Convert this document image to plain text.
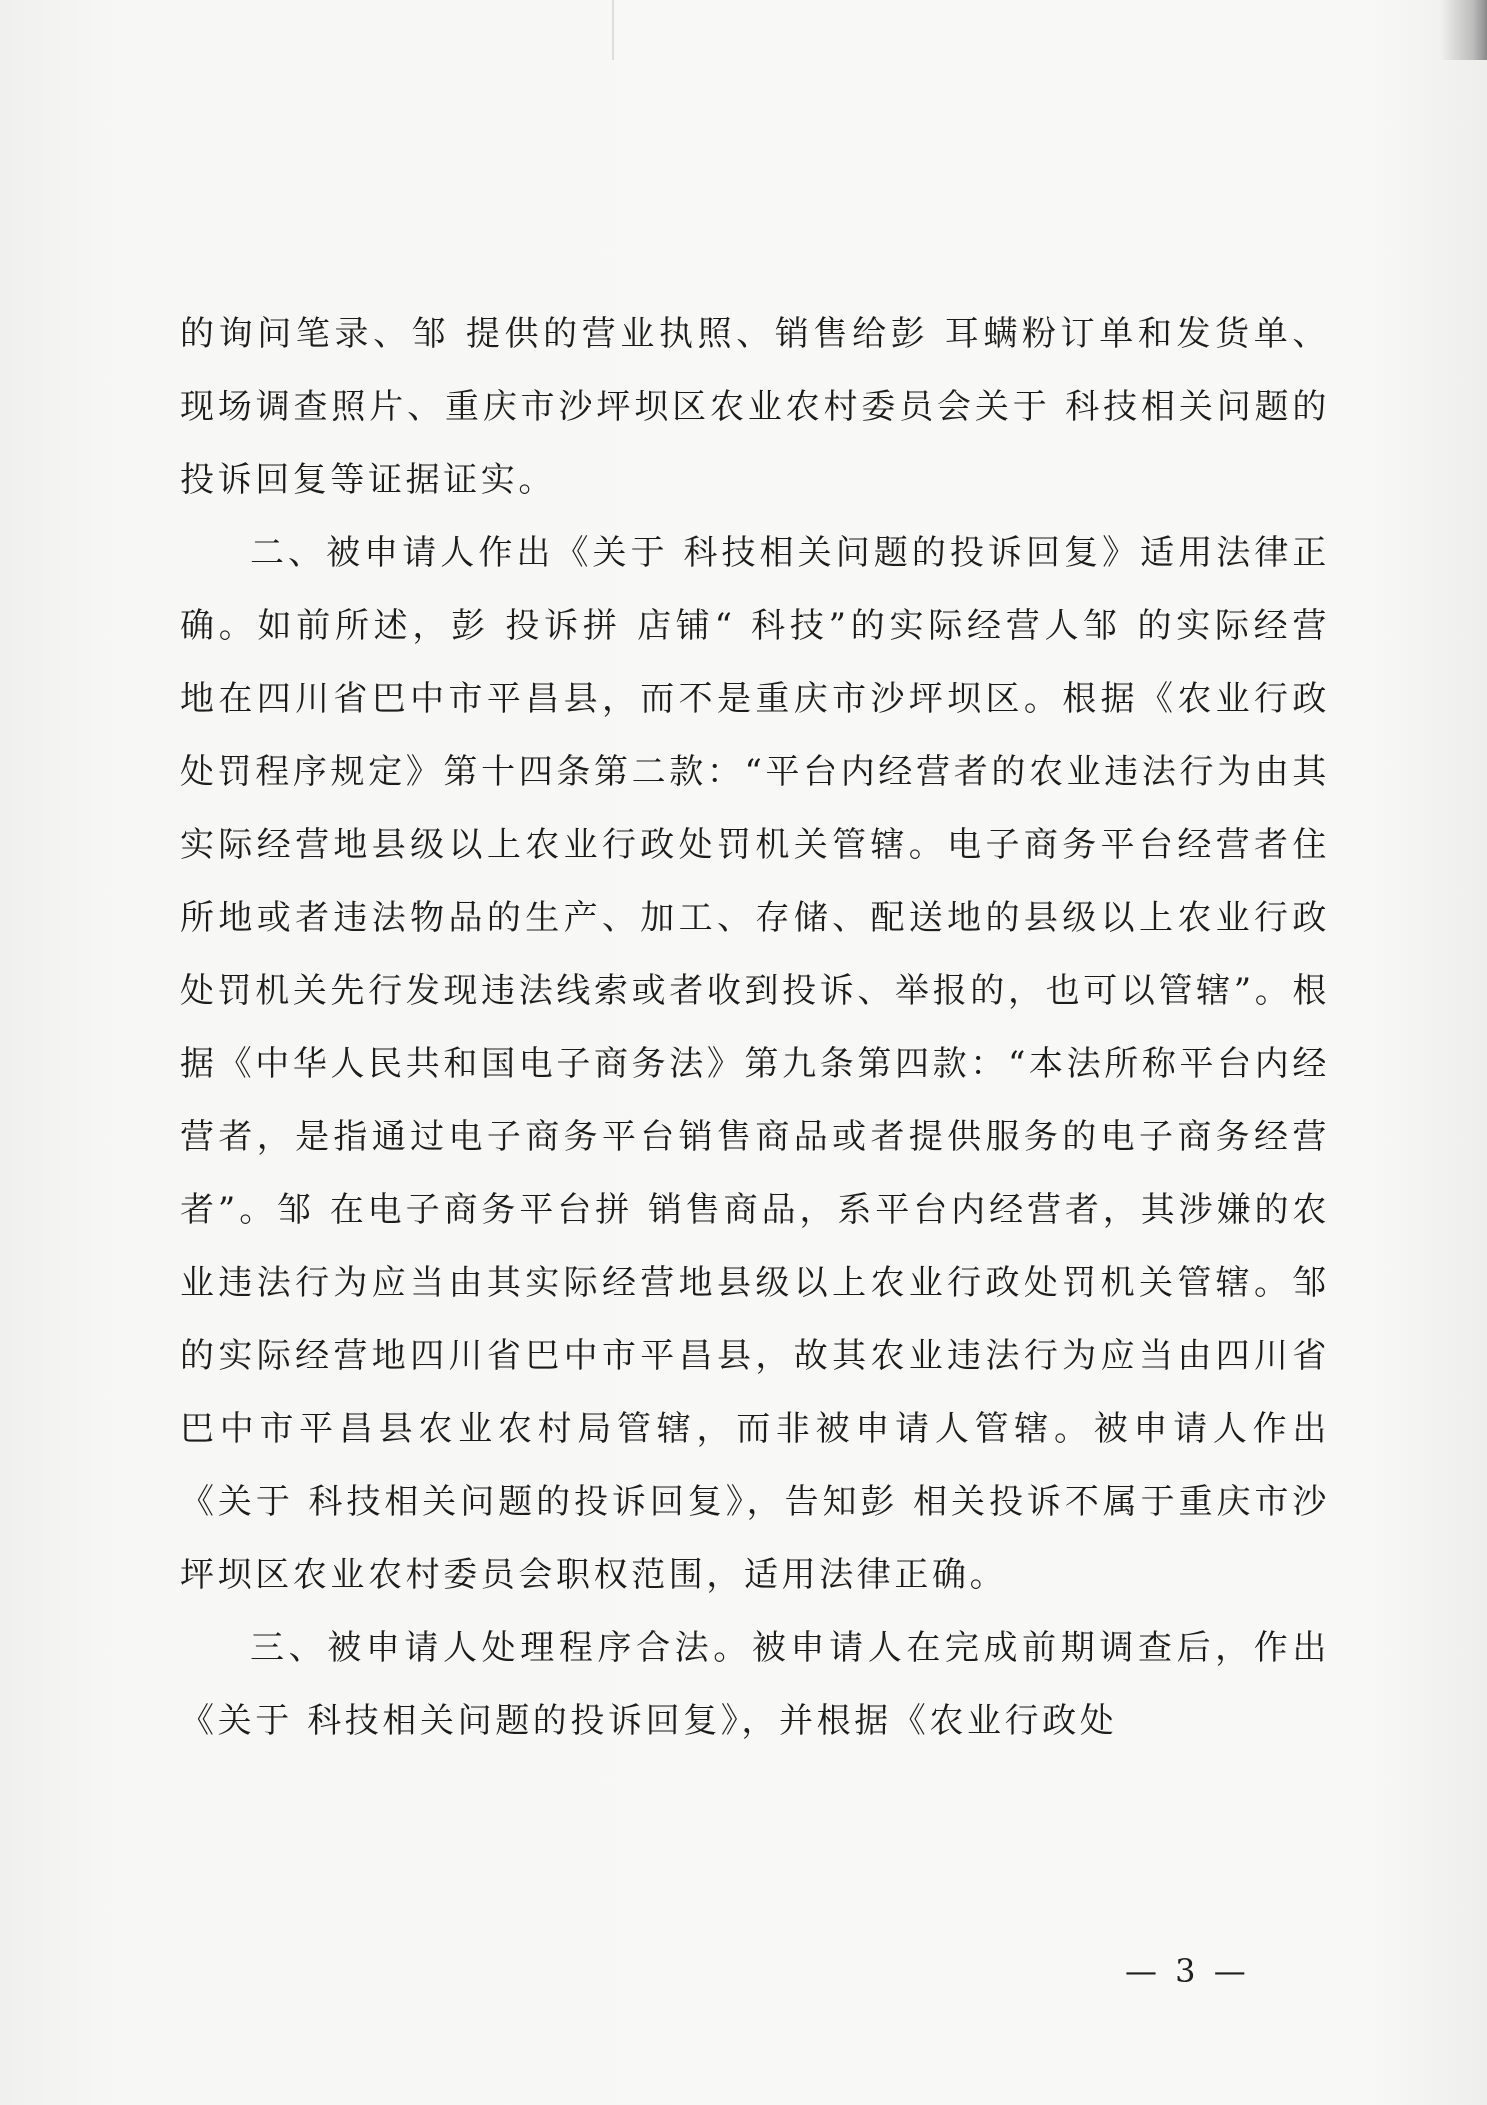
的询问笔录、邹 提供的营业执照、销售给彭 耳螨粉订单和发货单、现场调查照片、重庆市沙坪坝区农业农村委员会关于 科技相关问题的投诉回复等证据证实。

二、被申请人作出《关于 科技相关问题的投诉回复》适用法律正确。如前所述，彭 投诉拼 店铺“ 科技”的实际经营人邹 的实际经营地在四川省巴中市平昌县，而不是重庆市沙坪坝区。根据《农业行政处罚程序规定》第十四条第二款：“平台内经营者的农业违法行为由其实际经营地县级以上农业行政处罚机关管辖。电子商务平台经营者住所地或者违法物品的生产、加工、存储、配送地的县级以上农业行政处罚机关先行发现违法线索或者收到投诉、举报的，也可以管辖”。根据《中华人民共和国电子商务法》第九条第四款：“本法所称平台内经营者，是指通过电子商务平台销售商品或者提供服务的电子商务经营者”。邹 在电子商务平台拼 销售商品，系平台内经营者，其涉嫌的农业违法行为应当由其实际经营地县级以上农业行政处罚机关管辖。邹 的实际经营地四川省巴中市平昌县，故其农业违法行为应当由四川省巴中市平昌县农业农村局管辖，而非被申请人管辖。被申请人作出《关于 科技相关问题的投诉回复》，告知彭 相关投诉不属于重庆市沙坪坝区农业农村委员会职权范围，适用法律正确。

三、被申请人处理程序合法。被申请人在完成前期调查后，作出《关于 科技相关问题的投诉回复》，并根据《农业行政处

— 3 —
